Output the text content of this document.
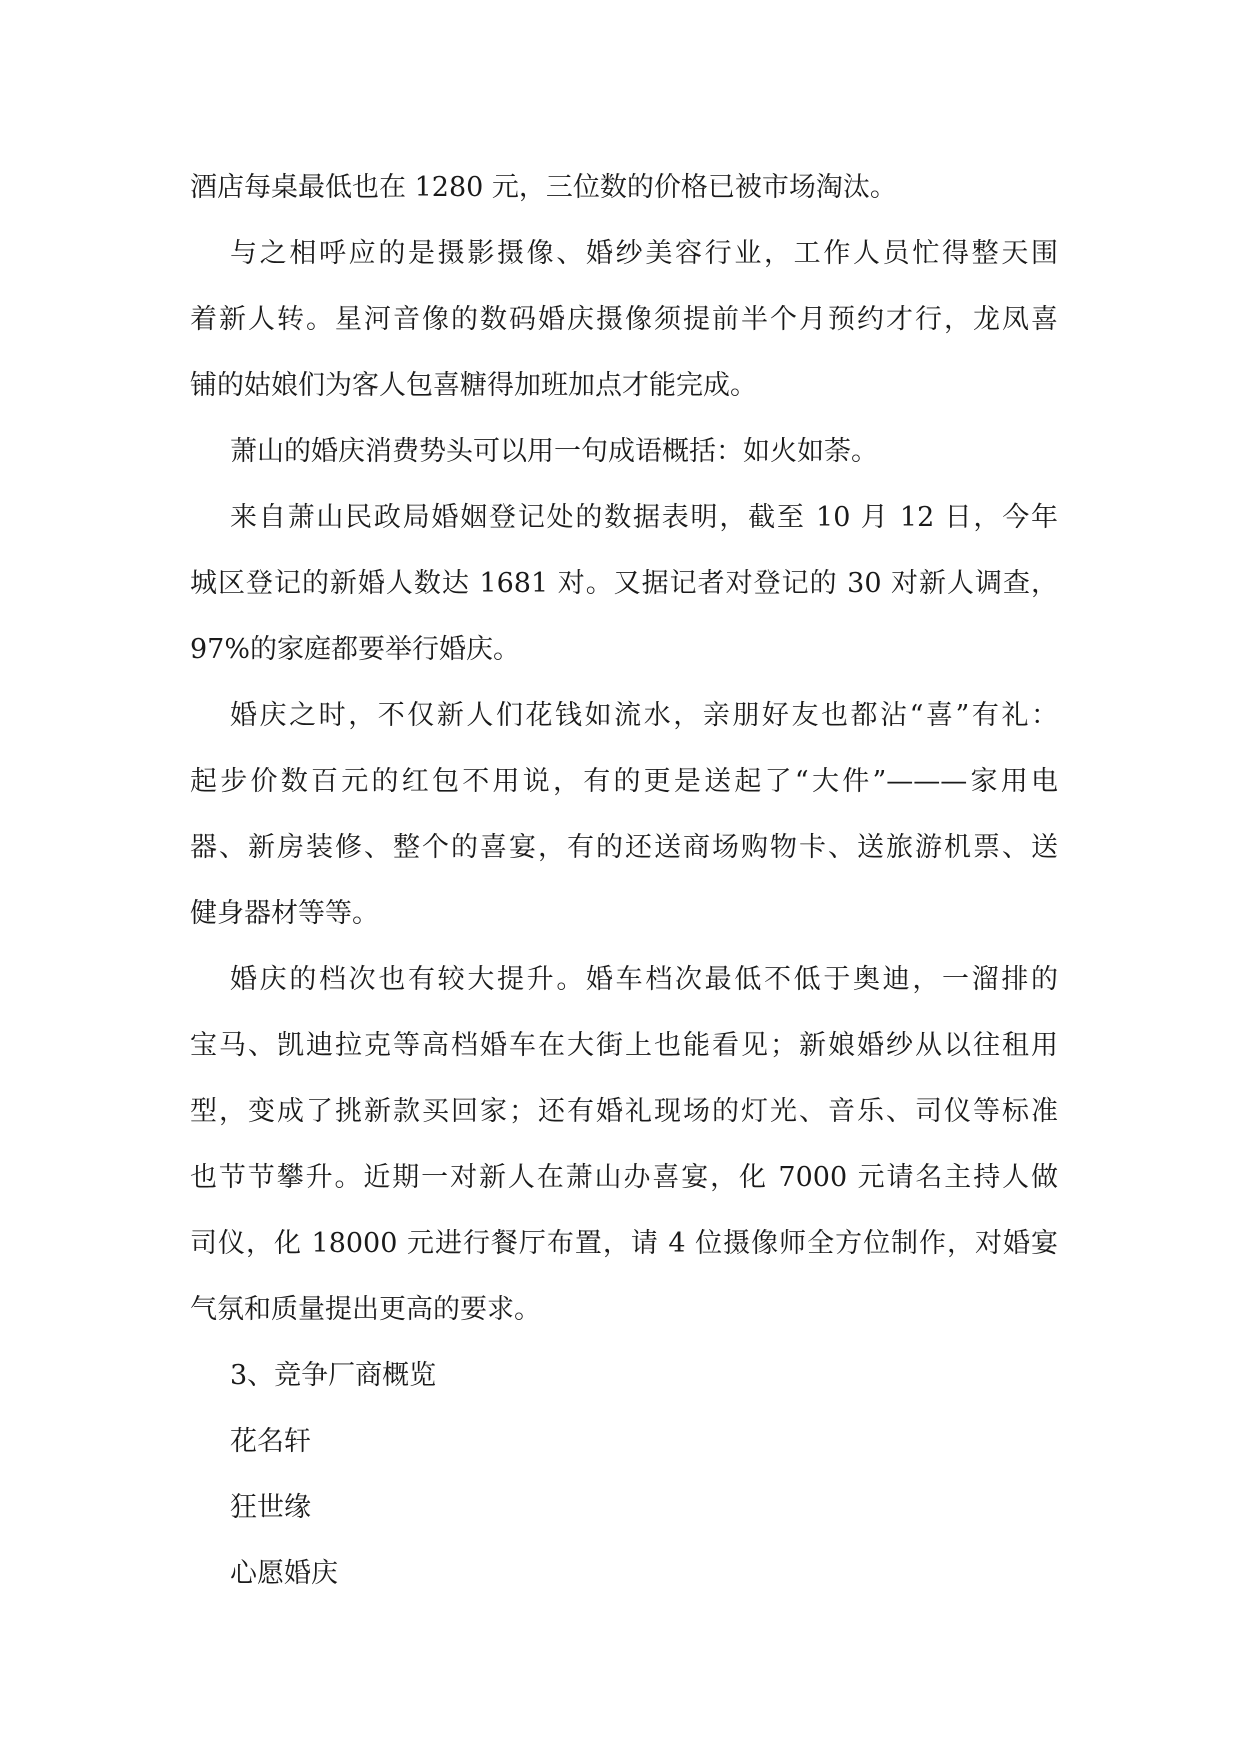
酒店每桌最低也在 1280 元，三位数的价格已被市场淘汰。
与之相呼应的是摄影摄像、婚纱美容行业，工作人员忙得整天围
着新人转。星河音像的数码婚庆摄像须提前半个月预约才行，龙凤喜
铺的姑娘们为客人包喜糖得加班加点才能完成。
萧山的婚庆消费势头可以用一句成语概括：如火如荼。
来自萧山民政局婚姻登记处的数据表明，截至 10 月 12 日，今年
城区登记的新婚人数达 1681 对。又据记者对登记的 30 对新人调查，
97%的家庭都要举行婚庆。
婚庆之时，不仅新人们花钱如流水，亲朋好友也都沾“喜”有礼：
起步价数百元的红包不用说，有的更是送起了“大件”———家用电
器、新房装修、整个的喜宴，有的还送商场购物卡、送旅游机票、送
健身器材等等。
婚庆的档次也有较大提升。婚车档次最低不低于奥迪，一溜排的
宝马、凯迪拉克等高档婚车在大街上也能看见；新娘婚纱从以往租用
型，变成了挑新款买回家；还有婚礼现场的灯光、音乐、司仪等标准
也节节攀升。近期一对新人在萧山办喜宴，化 7000 元请名主持人做
司仪，化 18000 元进行餐厅布置，请 4 位摄像师全方位制作，对婚宴
气氛和质量提出更高的要求。
3、竞争厂商概览
花名轩
狂世缘
心愿婚庆
